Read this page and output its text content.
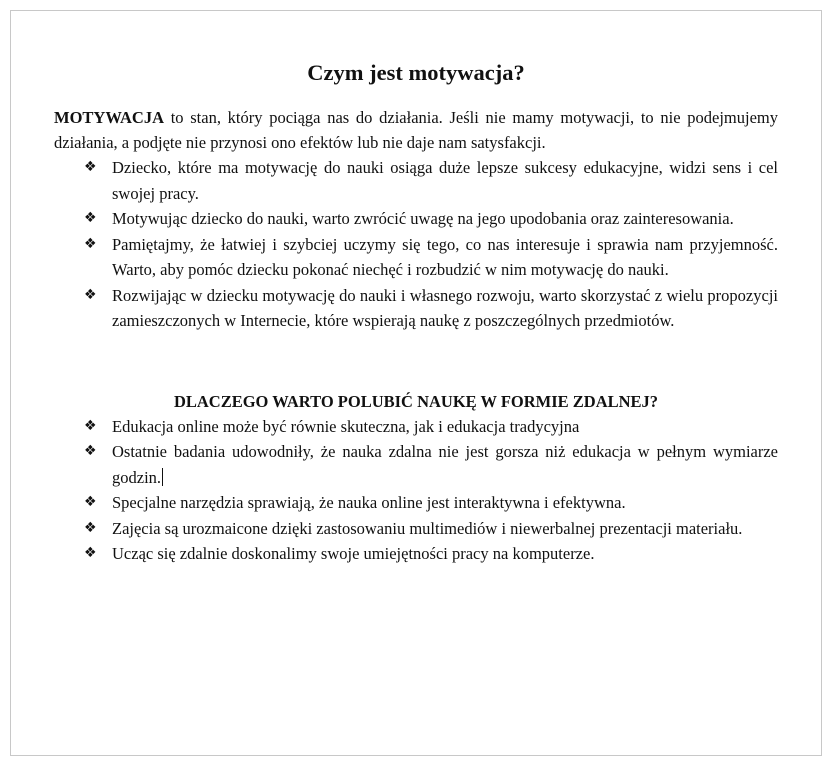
Czym jest motywacja?

MOTYWACJA to stan, który pociąga nas do działania. Jeśli nie mamy motywacji, to nie podejmujemy działania, a podjęte nie przynosi ono efektów lub nie daje nam satysfakcji.

❖ Dziecko, które ma motywację do nauki osiąga duże lepsze sukcesy edukacyjne, widzi sens i cel swojej pracy.
❖ Motywując dziecko do nauki, warto zwrócić uwagę na jego upodobania oraz zainteresowania.
❖ Pamiętajmy, że łatwiej i szybciej uczymy się tego, co nas interesuje i sprawia nam przyjemność. Warto, aby pomóc dziecku pokonać niechęć i rozbudzić w nim motywację do nauki.
❖ Rozwijając w dziecku motywację do nauki i własnego rozwoju, warto skorzystać z wielu propozycji zamieszczonych w Internecie, które wspierają naukę z poszczególnych przedmiotów.
DLACZEGO WARTO POLUBIĆ NAUKĘ W FORMIE ZDALNEJ?
❖ Edukacja online może być równie skuteczna, jak i edukacja tradycyjna
❖ Ostatnie badania udowodniły, że nauka zdalna nie jest gorsza niż edukacja w pełnym wymiarze godzin.
❖ Specjalne narzędzia sprawiają, że nauka online jest interaktywna i efektywna.
❖ Zajęcia są urozmaicone dzięki zastosowaniu multimediów i niewerbalnej prezentacji materiału.
❖ Ucząc się zdalnie doskonalimy swoje umiejętności pracy na komputerze.
